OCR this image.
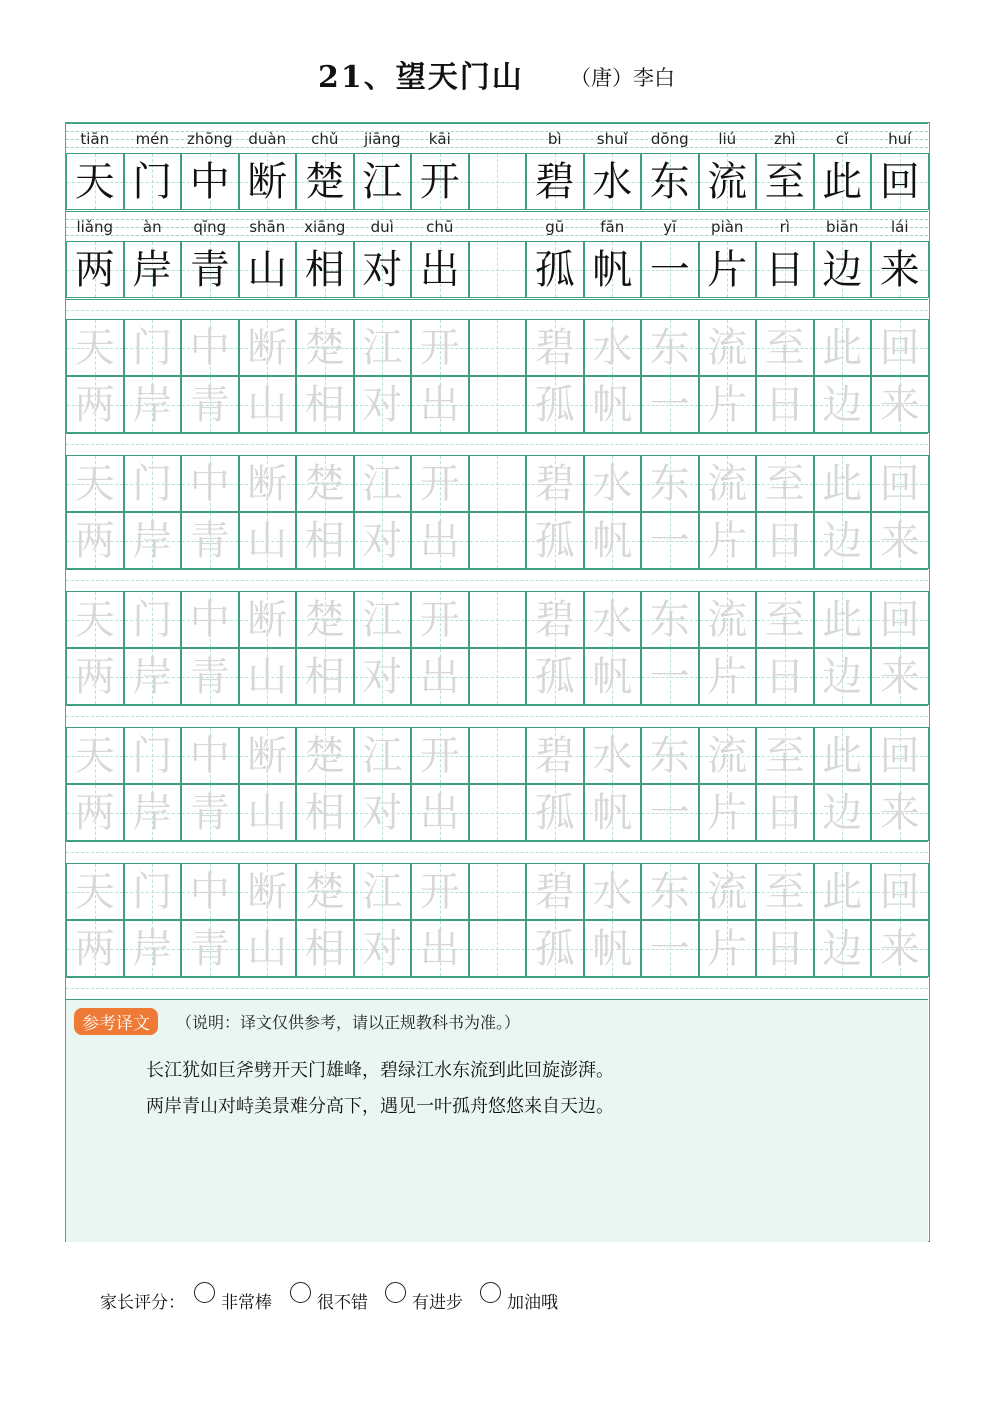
21、望天门山 （唐）李白
参考译文	（说明：译文仅供参考，请以正规教科书为准。）
长江犹如巨斧劈开天门雄峰，碧绿江水东流到此回旋澎湃。
两岸青山对峙美景难分高下，遇见一叶孤舟悠悠来自天边。
tiān	mén	zhōng	duàn	chǔ	jiāng	kāi	bì	shuǐ	dōng	liú	zhì	cǐ	huí
天 门 中 断 楚 江 开 碧 水 东 流 至 此 回
liǎng	àn	qīng	shān	xiāng	duì	chū	gū	fān	yī	piàn	rì	biān	lái
两 岸 青 山 相 对 出 孤 帆 一 片 日 边 来
天 门 中 断 楚 江 开 碧 水 东 流 至 此 回
两 岸 青 山 相 对 出 孤 帆 一 片 日 边 来
天 门 中 断 楚 江 开 碧 水 东 流 至 此 回
两 岸 青 山 相 对 出 孤 帆 一 片 日 边 来
天 门 中 断 楚 江 开 碧 水 东 流 至 此 回
两 岸 青 山 相 对 出 孤 帆 一 片 日 边 来
天 门 中 断 楚 江 开 碧 水 东 流 至 此 回
两 岸 青 山 相 对 出 孤 帆 一 片 日 边 来
天 门 中 断 楚 江 开 碧 水 东 流 至 此 回
两 岸 青 山 相 对 出 孤 帆 一 片 日 边 来
家长评分： 非常棒	很不错	有进步	加油哦
